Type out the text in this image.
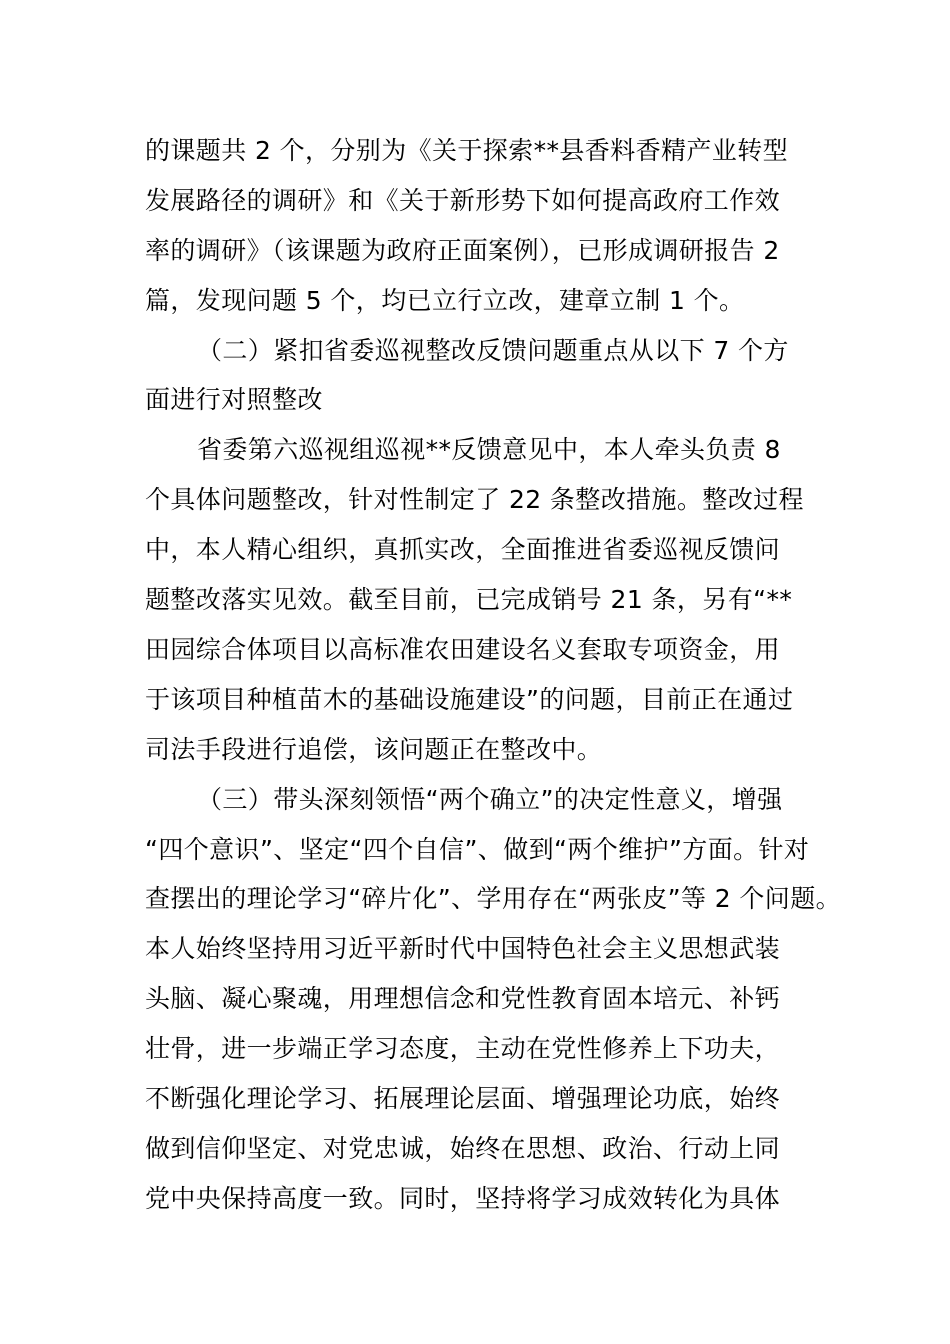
的课题共 2 个，分别为《关于探索**县香料香精产业转型
发展路径的调研》和《关于新形势下如何提高政府工作效
率的调研》（该课题为政府正面案例），已形成调研报告 2
篇，发现问题 5 个，均已立行立改，建章立制 1 个。
（二）紧扣省委巡视整改反馈问题重点从以下 7 个方
面进行对照整改
省委第六巡视组巡视**反馈意见中，本人牵头负责 8
个具体问题整改，针对性制定了 22 条整改措施。整改过程
中，本人精心组织，真抓实改，全面推进省委巡视反馈问
题整改落实见效。截至目前，已完成销号 21 条，另有“**
田园综合体项目以高标准农田建设名义套取专项资金，用
于该项目种植苗木的基础设施建设”的问题，目前正在通过
司法手段进行追偿，该问题正在整改中。
（三）带头深刻领悟“两个确立”的决定性意义，增强
“四个意识”、坚定“四个自信”、做到“两个维护”方面。针对
查摆出的理论学习“碎片化”、学用存在“两张皮”等 2 个问题。
本人始终坚持用习近平新时代中国特色社会主义思想武装
头脑、凝心聚魂，用理想信念和党性教育固本培元、补钙
壮骨，进一步端正学习态度，主动在党性修养上下功夫，
不断强化理论学习、拓展理论层面、增强理论功底，始终
做到信仰坚定、对党忠诚，始终在思想、政治、行动上同
党中央保持高度一致。同时，坚持将学习成效转化为具体
